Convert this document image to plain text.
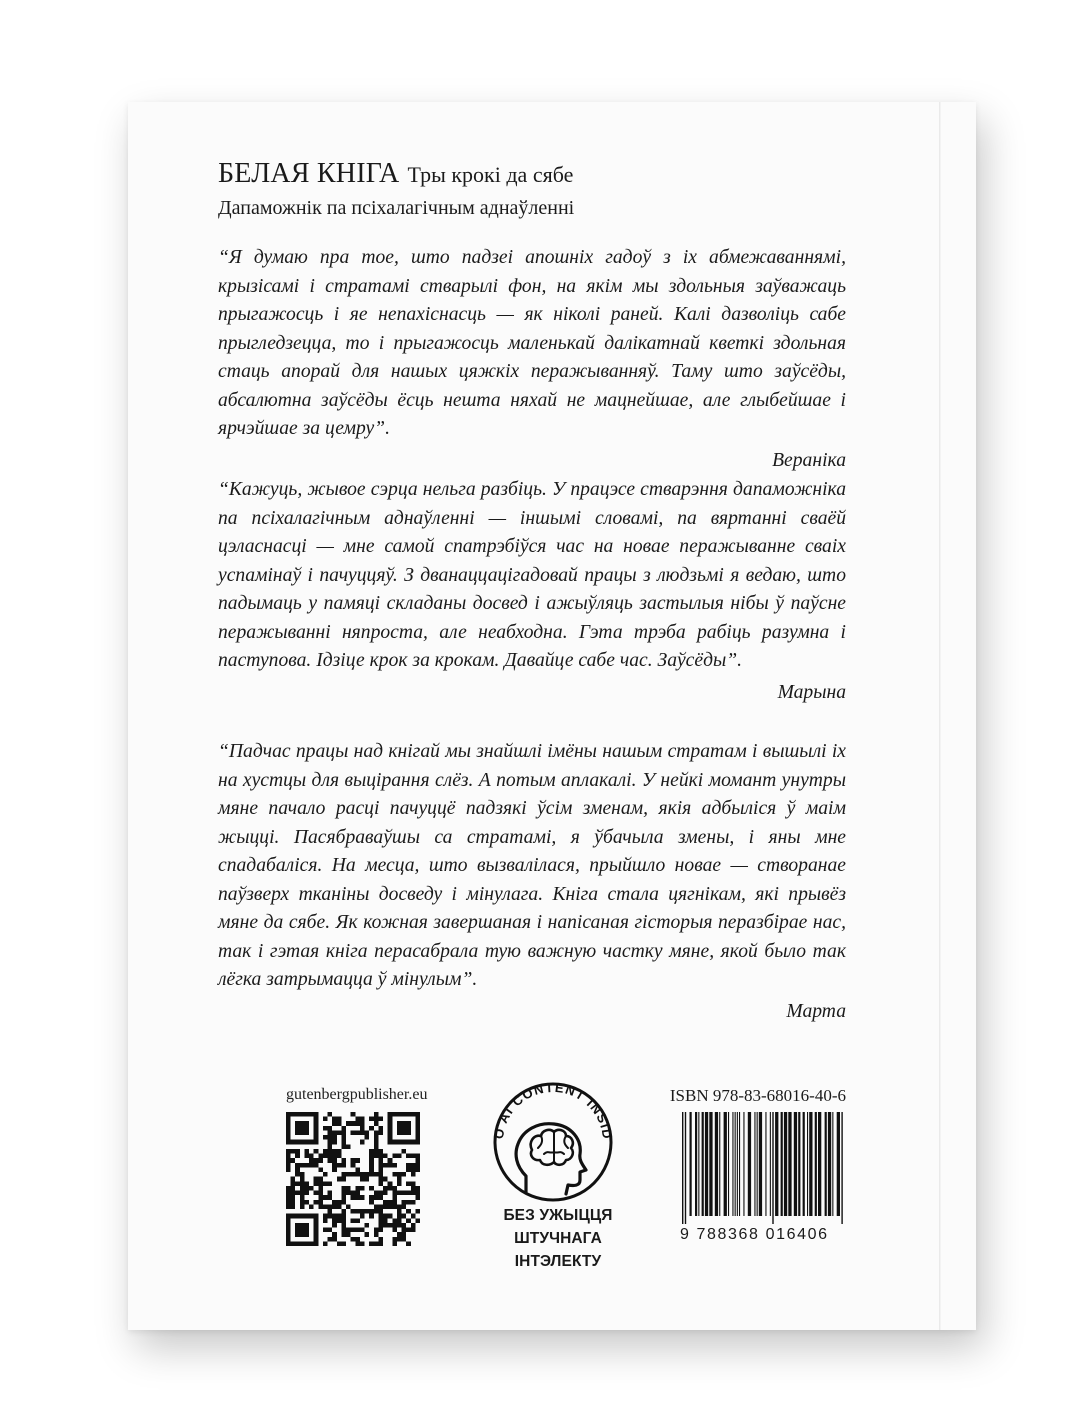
БЕЛАЯ КНІГА Тры крокі да сябе
Дапаможнік па псіхалагічным аднаўленні

“Я думаю пра тое, што падзеі апошніх гадоў з іх абмежаваннямі, крызісамі і стратамі стварылі фон, на якім мы здольныя заўважаць прыгажосць і яе непахіснасць — як ніколі раней. Калі дазволіць сабе прыгледзецца, то і прыгажосць маленькай далікатнай кветкі здольная стаць апорай для нашых цяжкіх перажыванняў. Таму што заўсёды, абсалютна заўсёды ёсць нешта няхай не мацнейшае, але глыбейшае і ярчэйшае за цемру”.

Вераніка

“Кажуць, жывое сэрца нельга разбіць. У працэсе стварэння дапаможніка па псіхалагічным аднаўленні — іншымі словамі, па вяртанні сваёй цэласнасці — мне самой спатрэбіўся час на новае перажыванне сваіх успамінаў і пачуццяў. З дванаццацігадовай працы з людзьмі я ведаю, што падымаць у памяці складаны досвед і ажыўляць застылыя нібы ў паўсне перажыванні няпроста, але неабходна. Гэта трэба рабіць разумна і паступова. Ідзіце крок за крокам. Давайце сабе час. Заўсёды”.

Марына

“Падчас працы над кнігай мы знайшлі імёны нашым стратам і вышылі іх на хустцы для выцірання слёз. А потым аплакалі. У нейкі момант унутры мяне пачало расці пачуццё падзякі ўсім зменам, якія адбыліся ў маім жыцці. Пасябраваўшы са стратамі, я ўбачыла змены, і яны мне спадабаліся. На месца, што вызвалілася, прыйшло новае — створанае паўзверх тканіны досведу і мінулага. Кніга стала цягнікам, які прывёз мяне да сябе. Як кожная завершаная і напісаная гісторыя перазбірае нас, так і гэтая кніга перасабрала тую важную частку мяне, якой было так лёгка затрымацца ў мінулым”.

Марта
gutenbergpublisher.eu
O AI CONTENT INSID
БЕЗ УЖЫЦЦЯ
ШТУЧНАГА ІНТЭЛЕКТУ
ISBN 978-83-68016-40-6
9 788368 016406
